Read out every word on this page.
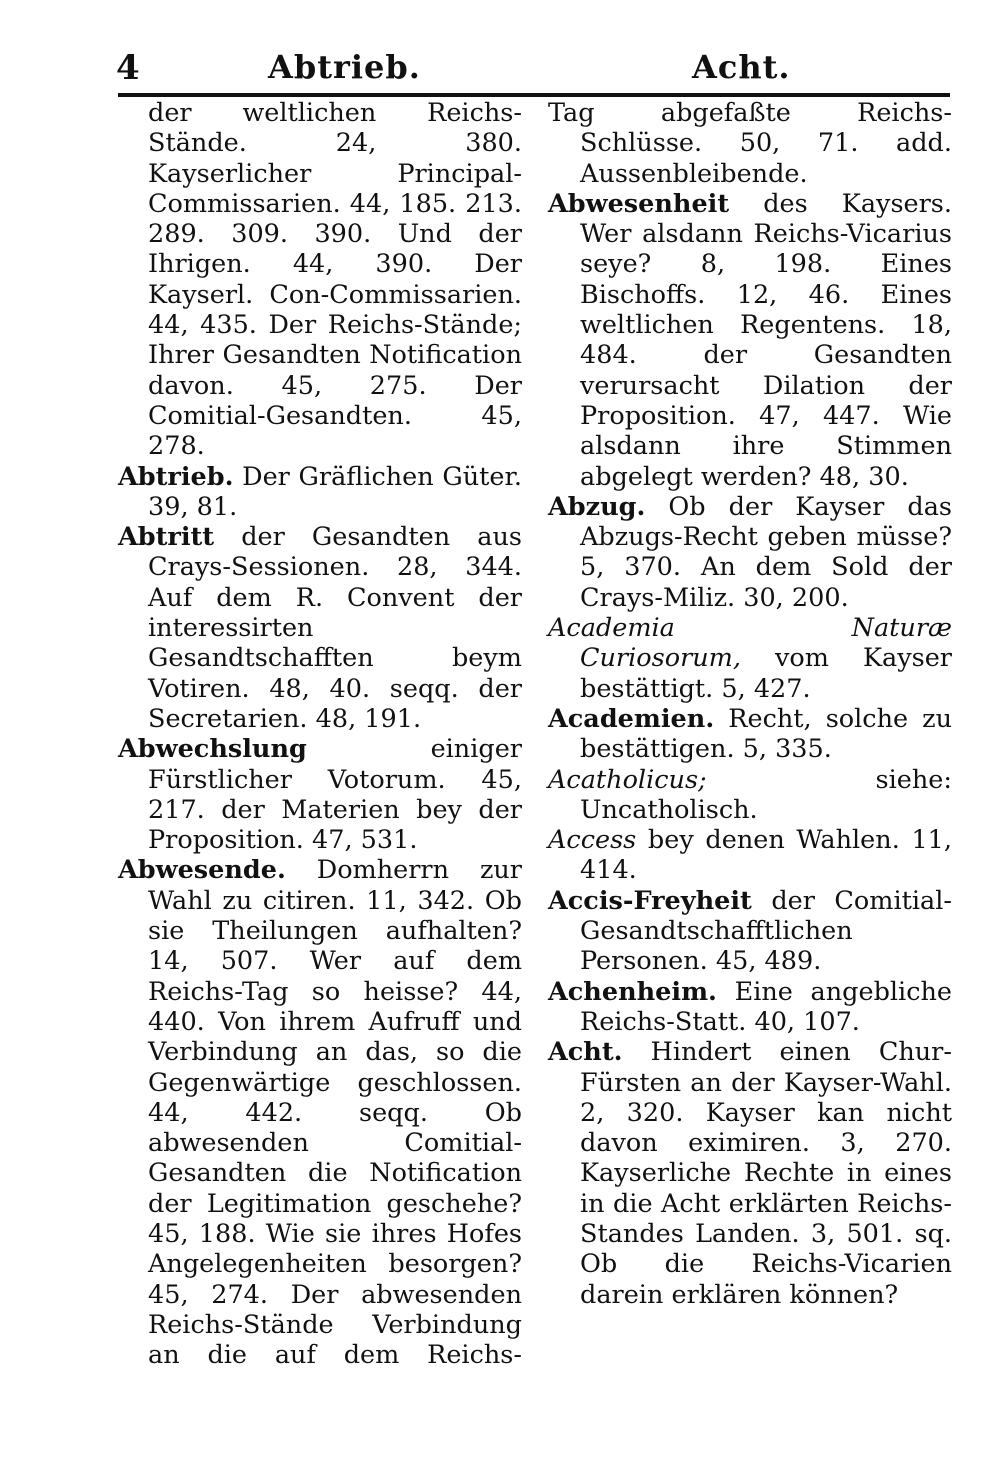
4	Abtrieb.	Acht.

der weltlichen Reichs-Stände. 24, 380. Kayserlicher Principal-Commissarien. 44, 185. 213. 289. 309. 390. Und der Ihrigen. 44, 390. Der Kayserl. Con-Commissarien. 44, 435. Der Reichs-Stände; Ihrer Gesandten Notification davon. 45, 275. Der Comitial-Gesandten. 45, 278.

Abtrieb. Der Gräflichen Güter. 39, 81.

Abtritt der Gesandten aus Crays-Sessionen. 28, 344. Auf dem R. Convent der interessirten Gesandtschafften beym Votiren. 48, 40. seqq. der Secretarien. 48, 191.

Abwechslung	einiger Fürstlicher Votorum. 45, 217. der Materien bey der Proposition. 47, 531.

Abwesende. Domherrn zur Wahl zu citiren. 11, 342. Ob sie Theilungen aufhalten? 14, 507. Wer auf dem Reichs-Tag so heisse? 44, 440. Von ihrem Aufruff und Verbindung an das, so die Gegenwärtige geschlossen. 44, 442. seqq. Ob abwesenden Comitial-Gesandten die Notification der Legitimation geschehe? 45, 188. Wie sie ihres Hofes Angelegenheiten besorgen? 45, 274. Der abwesenden Reichs-Stände Verbindung an die auf dem Reichs-

Tag abgefaßte Reichs-Schlüsse. 50, 71. add. Aussenbleibende.

Abwesenheit des Kaysers. Wer alsdann Reichs-Vicarius seye? 8, 198. Eines Bischoffs. 12, 46. Eines weltlichen Regentens. 18, 484. der Gesandten verursacht Dilation der Proposition. 47, 447. Wie alsdann ihre Stimmen abgelegt werden? 48, 30.

Abzug. Ob der Kayser das Abzugs-Recht geben müsse? 5, 370. An dem Sold der Crays-Miliz. 30, 200.

Academia Naturæ Curiosorum, vom Kayser bestättigt. 5, 427.

Academien. Recht, solche zu bestättigen. 5, 335.

Acatholicus;	siehe: Uncatholisch.

Access bey denen Wahlen. 11, 414.

Accis-Freyheit der Comitial-Gesandtschafftlichen Personen. 45, 489.

Achenheim. Eine angebliche Reichs-Statt. 40, 107.

Acht. Hindert einen Chur-Fürsten an der Kayser-Wahl. 2, 320. Kayser kan nicht davon eximiren. 3, 270. Kayserliche Rechte in eines in die Acht erklärten Reichs-Standes Landen. 3, 501. sq. Ob die Reichs-Vicarien darein erklären können?
